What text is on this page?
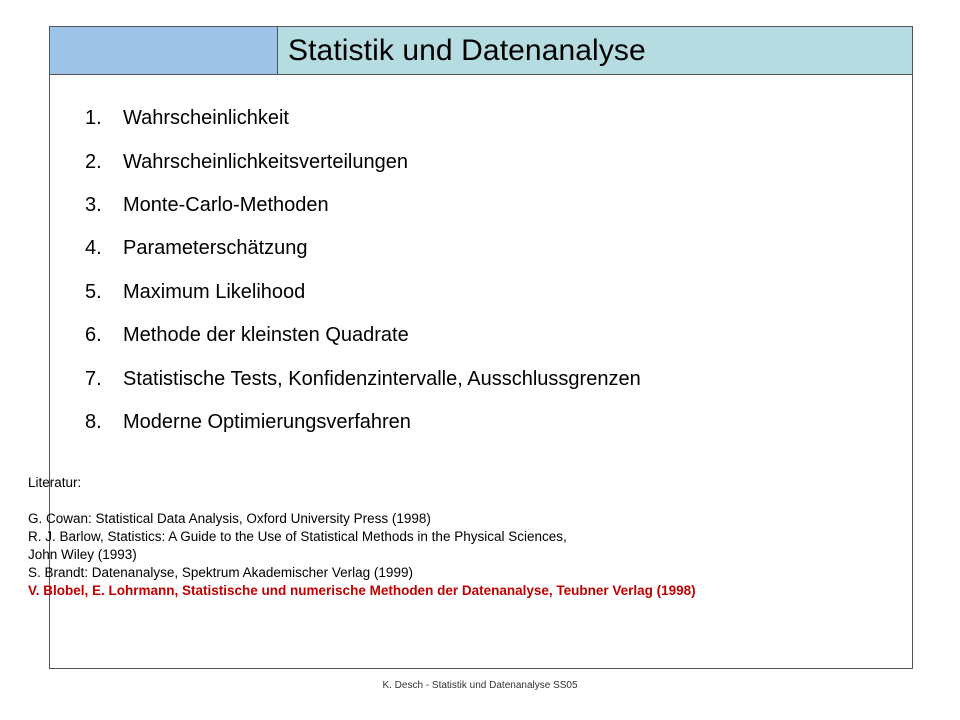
Statistik und Datenanalyse
1.	Wahrscheinlichkeit
2.	Wahrscheinlichkeitsverteilungen
3.	Monte-Carlo-Methoden
4.	Parameterschätzung
5.	Maximum Likelihood
6.	Methode der kleinsten Quadrate
7.	Statistische Tests, Konfidenzintervalle, Ausschlussgrenzen
8.	Moderne Optimierungsverfahren
Literatur:
G. Cowan: Statistical Data Analysis, Oxford University Press (1998)
R. J. Barlow, Statistics: A Guide to the Use of Statistical Methods in the Physical Sciences,
John Wiley (1993)
S. Brandt: Datenanalyse, Spektrum Akademischer Verlag (1999)
V. Blobel, E. Lohrmann, Statistische und numerische Methoden der Datenanalyse, Teubner Verlag (1998)
K. Desch - Statistik und Datenanalyse SS05
